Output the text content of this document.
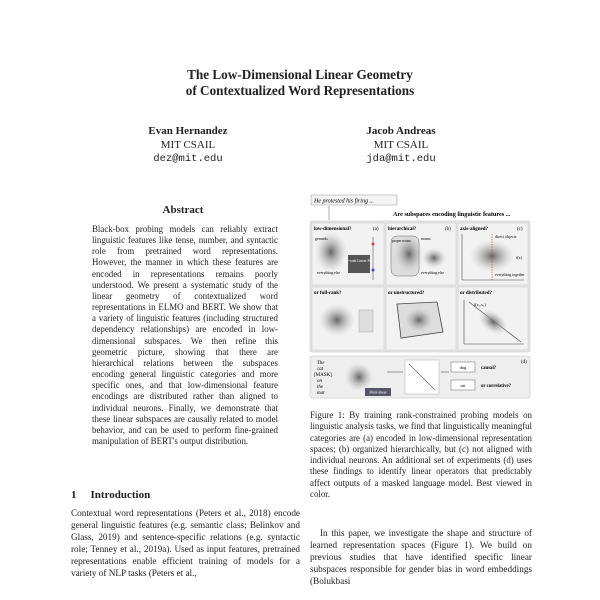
The Low-Dimensional Linear Geometry
of Contextualized Word Representations
Evan Hernandez
MIT CSAIL
dez@mit.edu
Jacob Andreas
MIT CSAIL
jda@mit.edu
Abstract
Black-box probing models can reliably extract linguistic features like tense, number, and syntactic role from pretrained word representations. However, the manner in which these features are encoded in representations remains poorly understood. We present a systematic study of the linear geometry of contextualized word representations in ELMO and BERT. We show that a variety of linguistic features (including structured dependency relationships) are encoded in low-dimensional subspaces. We then refine this geometric picture, showing that there are hierarchical relations between the subspaces encoding general linguistic categories and more specific ones, and that low-dimensional feature encodings are distributed rather than aligned to individual neurons. Finally, we demonstrate that these linear subspaces are causally related to model behavior, and can be used to perform fine-grained manipulation of BERT's output distribution.
1 Introduction
Contextual word representations (Peters et al., 2018) encode general linguistic features (e.g. semantic class; Belinkov and Glass, 2019) and sentence-specific relations (e.g. syntactic role; Tenney et al., 2019a). Used as input features, pretrained representations enable efficient training of models for a variety of NLP tasks (Peters et al.,
He protested his firing ...
Are subspaces encoding linguistic features ...
low-dimensional?	(a) hierarchical?	(b) axis-aligned?	(c)
gerunds
everything else
Low-rank Linear Probe
proper nouns	nouns
everything else
direct objects
everything together
f(x)
or full-rank?	or unstructured?	or distributed?
f(x₁,x₂)
(d)
The
cat
[MASK]
on
the
mat	Mask-linear
dog
sat
causal?
or correlative?
Figure 1: By training rank-constrained probing models on linguistic analysis tasks, we find that linguistically meaningful categories are (a) encoded in low-dimensional representation spaces; (b) organized hierarchically, but (c) not aligned with individual neurons. An additional set of experiments (d) uses these findings to identify linear operators that predictably affect outputs of a masked language model. Best viewed in color.
In this paper, we investigate the shape and structure of learned representation spaces (Figure 1). We build on previous studies that have identified specific linear subspaces responsible for gender bias in word embeddings (Bolukbasi
